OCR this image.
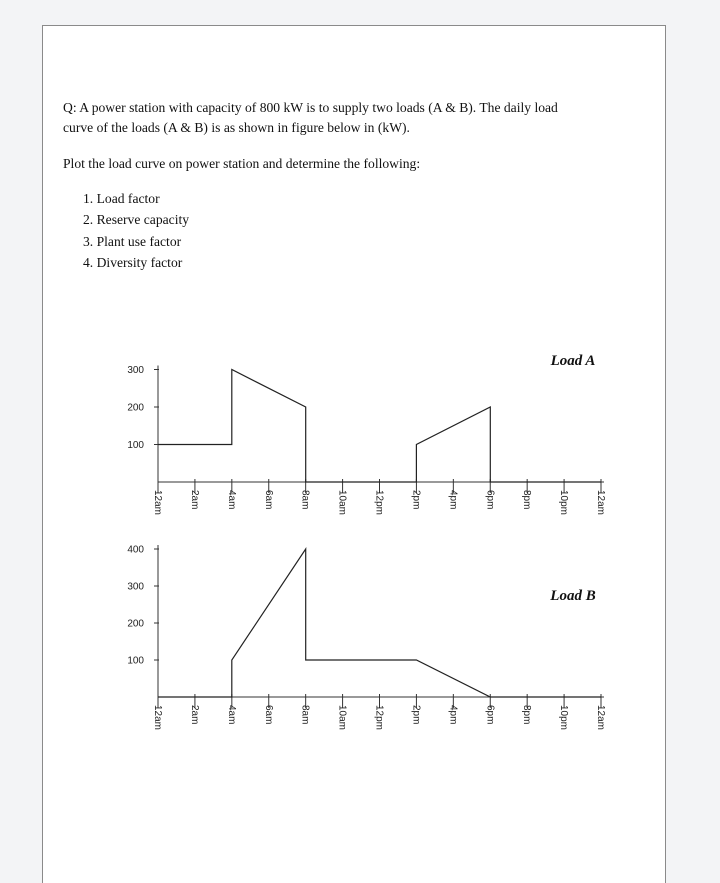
Q: A power station with capacity of 800 kW is to supply two loads (A & B). The daily load
curve of the loads (A & B) is as shown in figure below in (kW).
Plot the load curve on power station and determine the following:
1. Load factor
2. Reserve capacity
3. Plant use factor
4. Diversity factor
100
200
300
12am	2am	4am	6am	8am	10am	12pm	2pm	4pm	6pm	8pm	10pm	12am
Load A
100
200
300
400
12am	2am	4am	6am	8am	10am	12pm	2pm	4pm	6pm	8pm	10pm	12am
Load B
